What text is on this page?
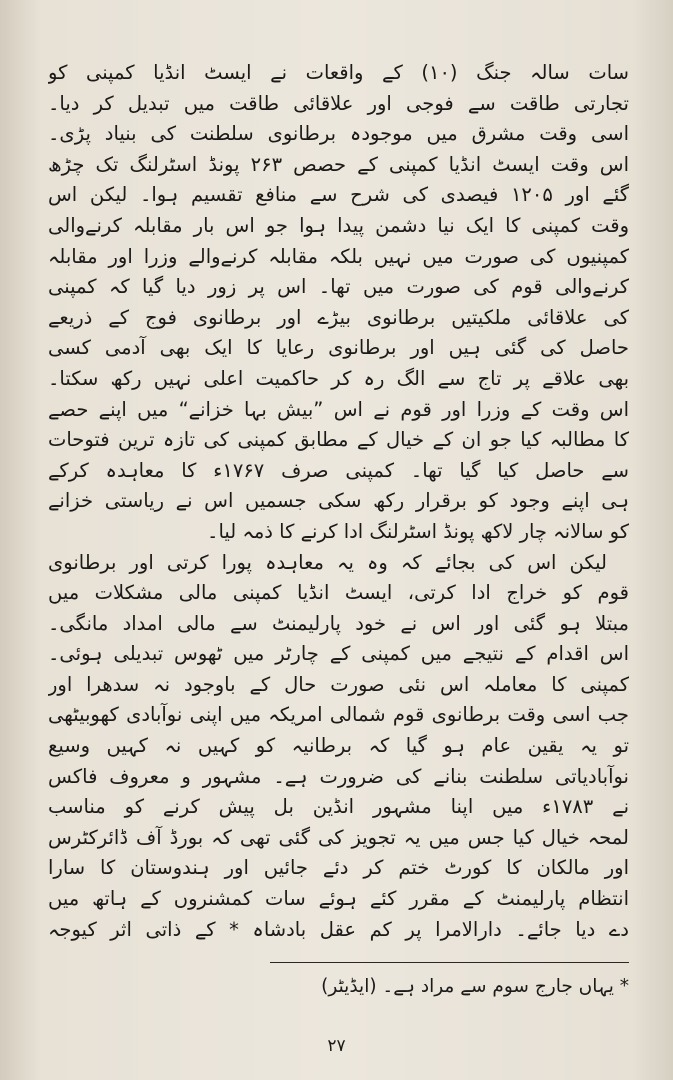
سات سالہ جنگ (۱۰) کے واقعات نے ایسٹ انڈیا کمپنی کو
تجارتی طاقت سے فوجی اور علاقائی طاقت میں تبدیل کر دیا۔
اسی وقت مشرق میں موجودہ برطانوی سلطنت کی بنیاد پڑی۔
اس وقت ایسٹ انڈیا کمپنی کے حصص ۲۶۳ پونڈ اسٹرلنگ تک چڑھ
گئے اور ۱۲۰۵ فیصدی کی شرح سے منافع تقسیم ہوا۔ لیکن اس
وقت کمپنی کا ایک نیا دشمن پیدا ہوا جو اس بار مقابلہ کرنےوالی
کمپنیوں کی صورت میں نہیں بلکہ مقابلہ کرنےوالے وزرا اور مقابلہ
کرنےوالی قوم کی صورت میں تھا۔ اس پر زور دیا گیا کہ کمپنی
کی علاقائی ملکیتیں برطانوی بیڑے اور برطانوی فوج کے ذریعے
حاصل کی گئی ہیں اور برطانوی رعایا کا ایک بھی آدمی کسی
بھی علاقے پر تاج سے الگ رہ کر حاکمیت اعلی نہیں رکھ سکتا۔
اس وقت کے وزرا اور قوم نے اس ”بیش بہا خزانے“ میں اپنے حصے
کا مطالبہ کیا جو ان کے خیال کے مطابق کمپنی کی تازہ ترین فتوحات
سے حاصل کیا گیا تھا۔ کمپنی صرف ۱۷۶۷ء کا معاہدہ کرکے
ہی اپنے وجود کو برقرار رکھ سکی جسمیں اس نے ریاستی خزانے
کو سالانہ چار لاکھ پونڈ اسٹرلنگ ادا کرنے کا ذمہ لیا۔
لیکن اس کی بجائے کہ وہ یہ معاہدہ پورا کرتی اور برطانوی
قوم کو خراج ادا کرتی، ایسٹ انڈیا کمپنی مالی مشکلات میں
مبتلا ہو گئی اور اس نے خود پارلیمنٹ سے مالی امداد مانگی۔
اس اقدام کے نتیجے میں کمپنی کے چارٹر میں ٹھوس تبدیلی ہوئی۔
کمپنی کا معاملہ اس نئی صورت حال کے باوجود نہ سدھرا اور
جب اسی وقت برطانوی قوم شمالی امریکہ میں اپنی نوآبادی کھوبیٹھی
تو یہ یقین عام ہو گیا کہ برطانیہ کو کہیں نہ کہیں وسیع
نوآبادیاتی سلطنت بنانے کی ضرورت ہے۔ مشہور و معروف فاکس
نے ۱۷۸۳ء میں اپنا مشہور انڈین بل پیش کرنے کو مناسب
لمحہ خیال کیا جس میں یہ تجویز کی گئی تھی کہ بورڈ آف ڈائرکٹرس
اور مالکان کا کورٹ ختم کر دئے جائیں اور ہندوستان کا سارا
انتظام پارلیمنٹ کے مقرر کئے ہوئے سات کمشنروں کے ہاتھ میں
دے دیا جائے۔ دارالامرا پر کم عقل بادشاہ * کے ذاتی اثر کیوجہ
* یہاں جارج سوم سے مراد ہے۔ (ایڈیٹر)
۲۷
